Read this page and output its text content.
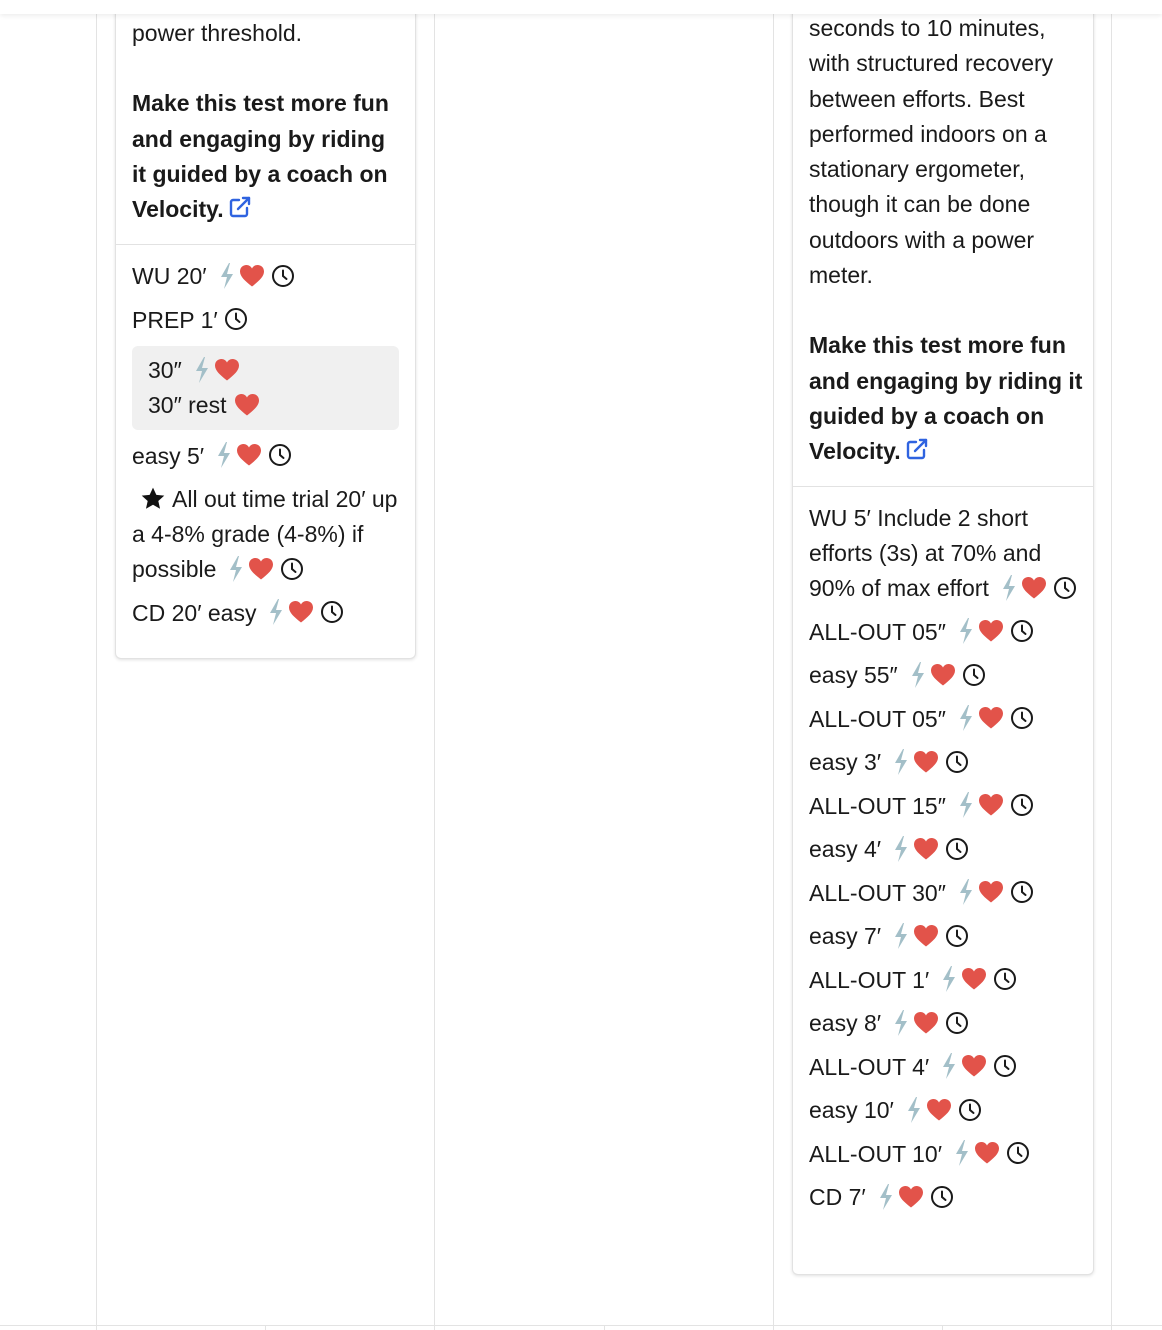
power threshold.

Make this test more fun and engaging by riding it guided by a coach on Velocity.

WU 20′
PREP 1′
30″
30″ rest
easy 5′
All out time trial 20′ up a 4-8% grade (4-8%) if possible
CD 20′ easy

seconds to 10 minutes, with structured recovery between efforts. Best performed indoors on a stationary ergometer, though it can be done outdoors with a power meter.

Make this test more fun and engaging by riding it guided by a coach on Velocity.

WU 5′ Include 2 short efforts (3s) at 70% and 90% of max effort
ALL-OUT 05″
easy 55″
ALL-OUT 05″
easy 3′
ALL-OUT 15″
easy 4′
ALL-OUT 30″
easy 7′
ALL-OUT 1′
easy 8′
ALL-OUT 4′
easy 10′
ALL-OUT 10′
CD 7′
